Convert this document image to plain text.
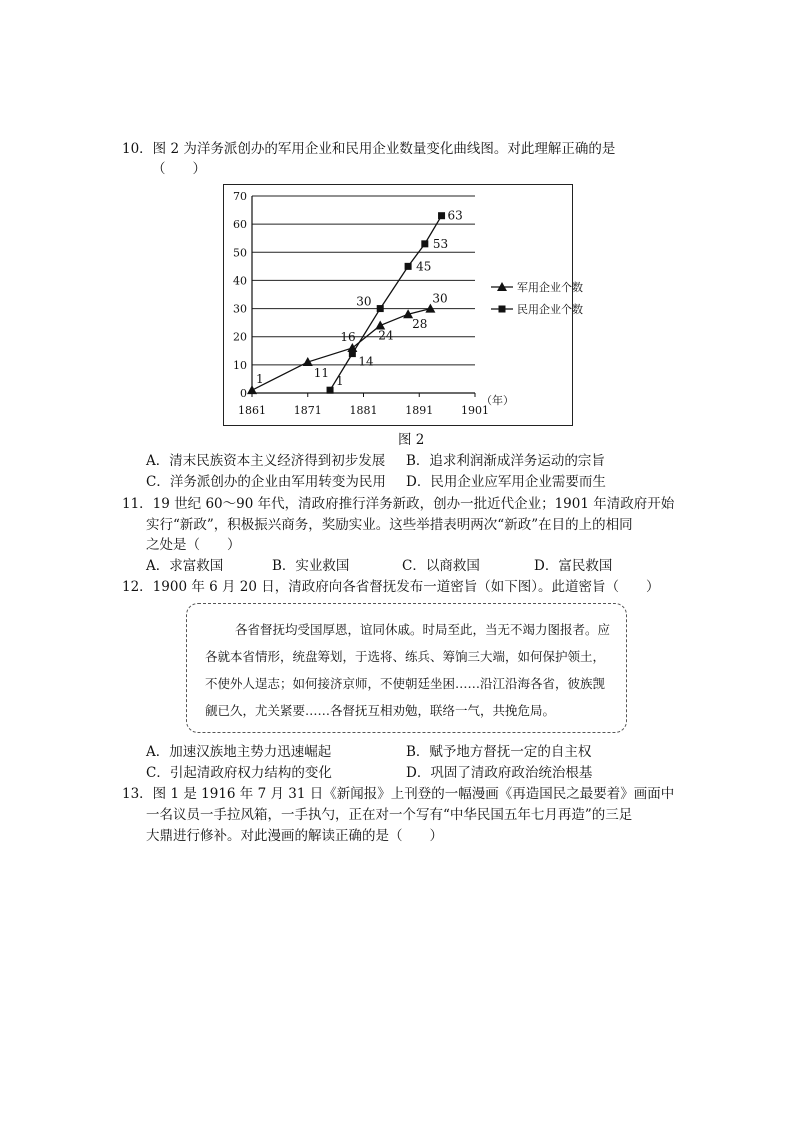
10．图 2 为洋务派创办的军用企业和民用企业数量变化曲线图。对此理解正确的是
（　　）
0
10
20
30
40
50
60
70
1861	1871	1881	1891	1901
1	11
16 24
28
30
1
14
30
45
53
63
军用企业个数
民用企业个数
（年）
图 2
A．清末民族资本主义经济得到初步发展 B．追求利润渐成洋务运动的宗旨
C．洋务派创办的企业由军用转变为民用 D．民用企业应军用企业需要而生
11．19 世纪 60～90 年代，清政府推行洋务新政，创办一批近代企业；1901 年清政府开始
实行“新政”，积极振兴商务，奖励实业。这些举措表明两次“新政”在目的上的相同
之处是（　　）
A．求富救国	B．实业救国	C．以商救国	D．富民救国
12．1900 年 6 月 20 日，清政府向各省督抚发布一道密旨（如下图）。此道密旨（　　）
各省督抚均受国厚恩，谊同休戚。时局至此，当无不竭力图报者。应
各就本省情形，统盘筹划，于选将、练兵、筹饷三大端，如何保护领土，
不使外人逞志；如何接济京师，不使朝廷坐困……沿江沿海各省，彼族觊
觎已久，尤关紧要……各督抚互相劝勉，联络一气，共挽危局。
A．加速汉族地主势力迅速崛起	B．赋予地方督抚一定的自主权
C．引起清政府权力结构的变化	D．巩固了清政府政治统治根基
13．图 1 是 1916 年 7 月 31 日《新闻报》上刊登的一幅漫画《再造国民之最要着》画面中
一名议员一手拉风箱，一手执勺，正在对一个写有“中华民国五年七月再造”的三足
大鼎进行修补。对此漫画的解读正确的是（　　）
